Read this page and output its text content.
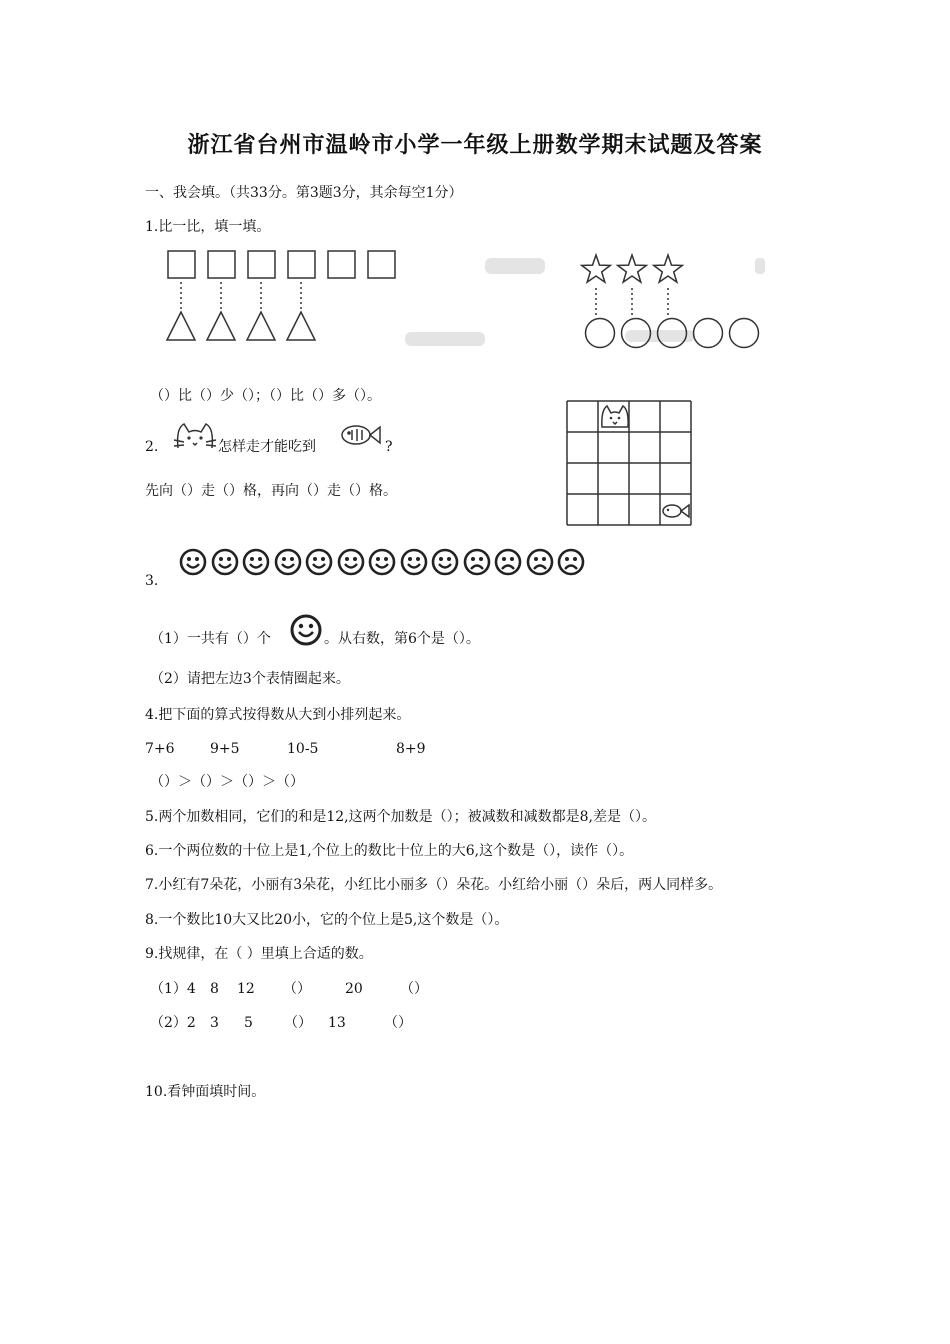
浙江省台州市温岭市小学一年级上册数学期末试题及答案
一、我会填。（共33分。第3题3分，其余每空1分）
1.比一比，填一填。
（）比（）少（）；（）比（）多（）。
2.	怎样走才能吃到	?
先向（）走（）格，再向（）走（）格。
3.
（1）一共有（）个	。从右数，第6个是（）。
（2）请把左边3个表情圈起来。
4.把下面的算式按得数从大到小排列起来。
7+6	9+5	10-5	8+9
（）＞（）＞（）＞（）
5.两个加数相同，它们的和是12,这两个加数是（）；被减数和减数都是8,差是（）。
6.一个两位数的十位上是1,个位上的数比十位上的大6,这个数是（），读作（）。
7.小红有7朵花，小丽有3朵花，小红比小丽多（）朵花。小红给小丽（）朵后，两人同样多。
8.一个数比10大又比20小，它的个位上是5,这个数是（）。
9.找规律，在（ ）里填上合适的数。
（1）4 8 12 （） 20	（）
（2）2 3 5 （） 13	（）
10.看钟面填时间。
